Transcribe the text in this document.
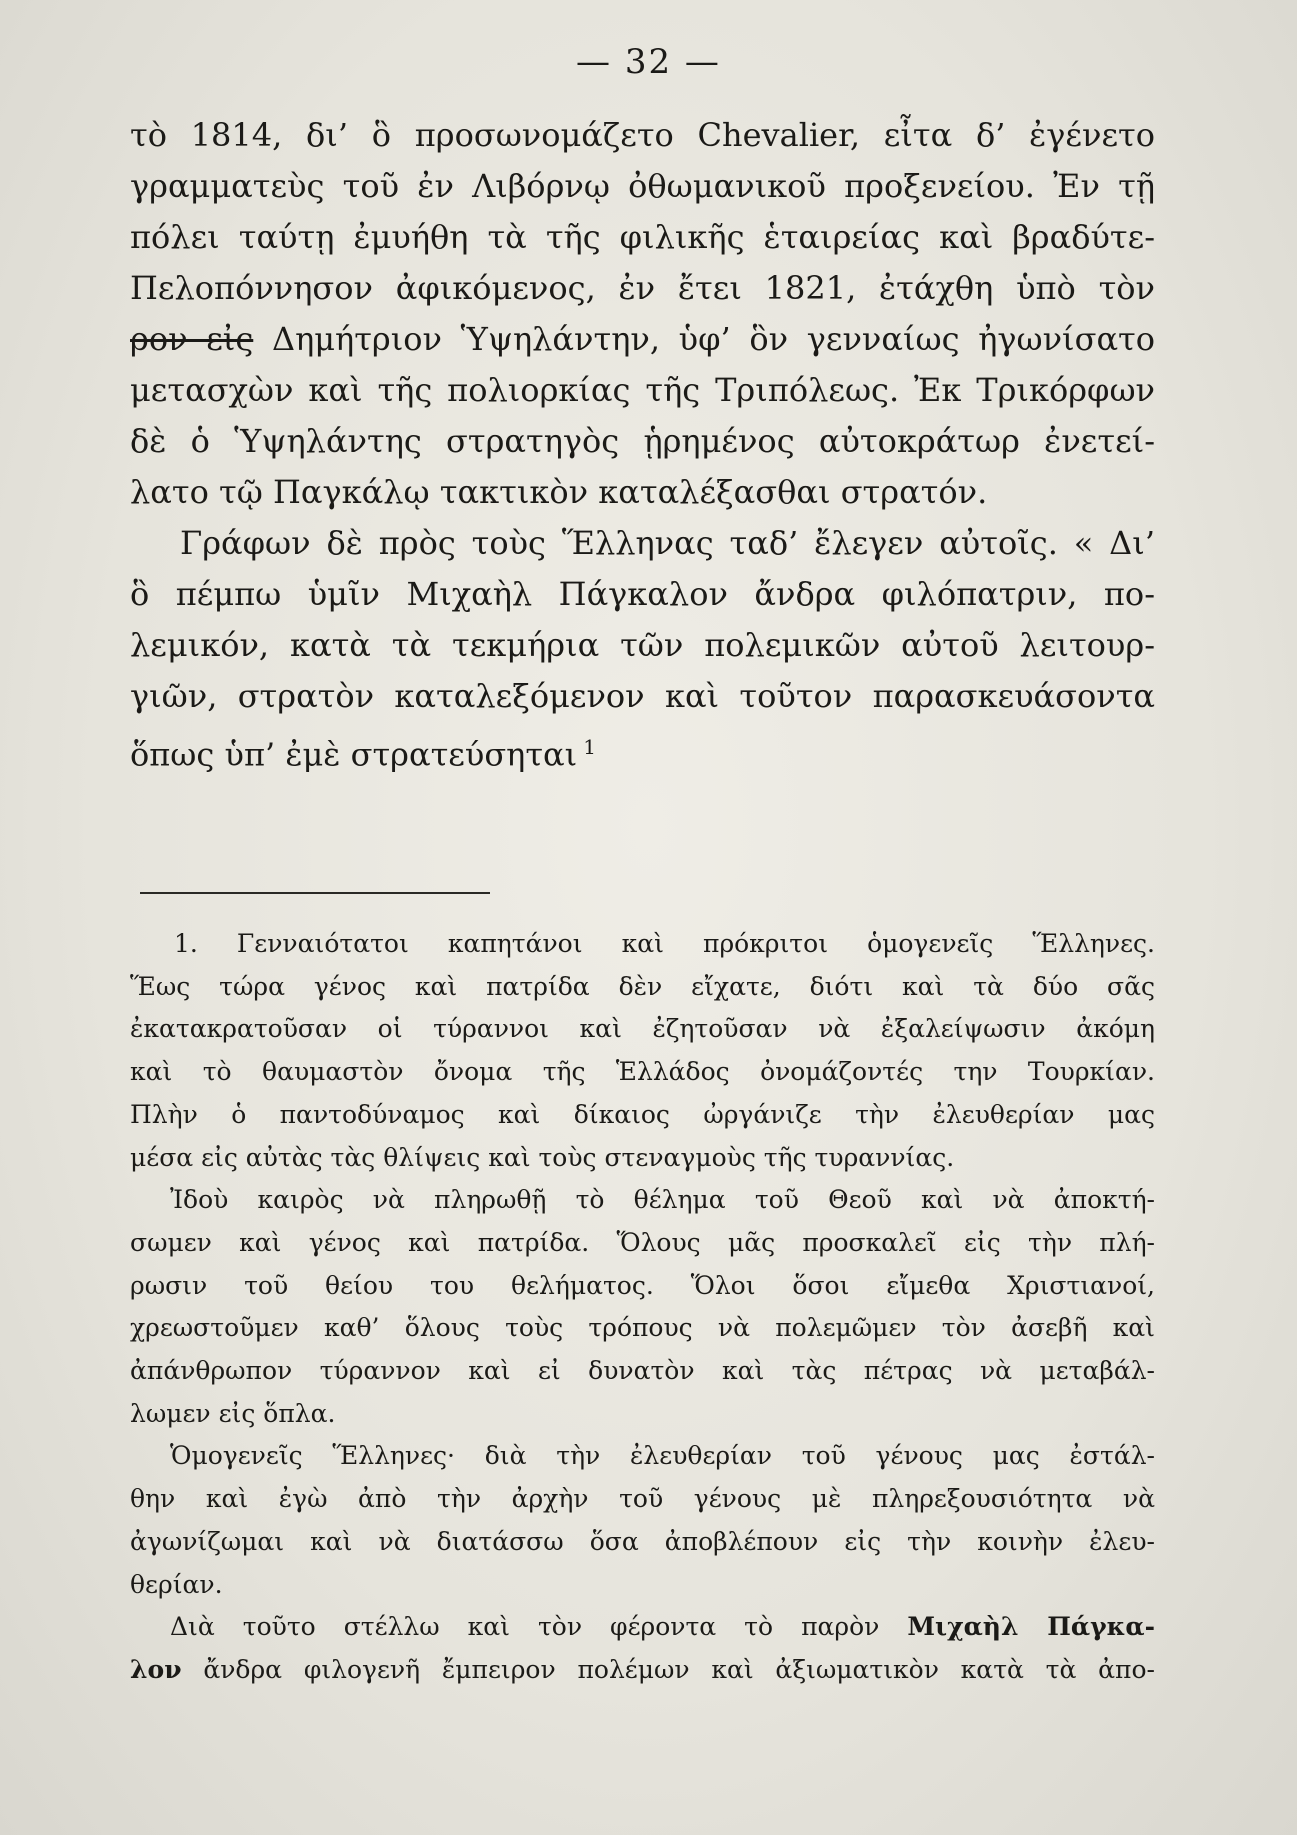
— 32 —

τὸ 1814, δι’ ὃ προσωνομάζετο Chevalier, εἶτα δ’ ἐγένετο

γραμματεὺς τοῦ ἐν Λιβόρνῳ ὀθωμανικοῦ προξενείου. Ἐν τῇ

πόλει ταύτῃ ἐμυήθη τὰ τῆς φιλικῆς ἑταιρείας καὶ βραδύτε-

Πελοπόννησον ἀφικόμενος, ἐν ἔτει 1821, ἐτάχθη ὑπὸ τὸν

ρον εἰς Δημήτριον Ὑψηλάντην, ὑφ’ ὃν γενναίως ἠγωνίσατο

μετασχὼν καὶ τῆς πολιορκίας τῆς Τριπόλεως. Ἐκ Τρικόρφων

δὲ ὁ Ὑψηλάντης στρατηγὸς ᾑρημένος αὐτοκράτωρ ἐνετεί-

λατο τῷ Παγκάλῳ τακτικὸν καταλέξασθαι στρατόν.

Γράφων δὲ πρὸς τοὺς Ἕλληνας ταδ’ ἔλεγεν αὐτοῖς. « Δι’

ὃ πέμπω ὑμῖν Μιχαὴλ Πάγκαλον ἄνδρα φιλόπατριν, πο-

λεμικόν, κατὰ τὰ τεκμήρια τῶν πολεμικῶν αὐτοῦ λειτουρ-

γιῶν, στρατὸν καταλεξόμενον καὶ τοῦτον παρασκευάσοντα

ὅπως ὑπ’ ἐμὲ στρατεύσηται $^1$

1. Γενναιότατοι καπητάνοι καὶ πρόκριτοι ὁμογενεῖς Ἕλληνες.

Ἕως τώρα γένος καὶ πατρίδα δὲν εἴχατε, διότι καὶ τὰ δύο σᾶς

ἐκατακρατοῦσαν οἱ τύραννοι καὶ ἐζητοῦσαν νὰ ἐξαλείψωσιν ἀκόμη

καὶ τὸ θαυμαστὸν ὄνομα τῆς Ἑλλάδος ὀνομάζοντές την Τουρκίαν.

Πλὴν ὁ παντοδύναμος καὶ δίκαιος ὠργάνιζε τὴν ἐλευθερίαν μας

μέσα εἰς αὐτὰς τὰς θλίψεις καὶ τοὺς στεναγμοὺς τῆς τυραννίας.

Ἰδοὺ καιρὸς νὰ πληρωθῇ τὸ θέλημα τοῦ Θεοῦ καὶ νὰ ἀποκτή-

σωμεν καὶ γένος καὶ πατρίδα. Ὅλους μᾶς προσκαλεῖ εἰς τὴν πλή-

ρωσιν τοῦ θείου του θελήματος. Ὅλοι ὅσοι εἴμεθα Χριστιανοί,

χρεωστοῦμεν καθ’ ὅλους τοὺς τρόπους νὰ πολεμῶμεν τὸν ἀσεβῆ καὶ

ἀπάνθρωπον τύραννον καὶ εἰ δυνατὸν καὶ τὰς πέτρας νὰ μεταβάλ-

λωμεν εἰς ὅπλα.

Ὁμογενεῖς Ἕλληνες· διὰ τὴν ἐλευθερίαν τοῦ γένους μας ἐστάλ-

θην καὶ ἐγὼ ἀπὸ τὴν ἀρχὴν τοῦ γένους μὲ πληρεξουσιότητα νὰ

ἀγωνίζωμαι καὶ νὰ διατάσσω ὅσα ἀποβλέπουν εἰς τὴν κοινὴν ἐλευ-

θερίαν.

Διὰ τοῦτο στέλλω καὶ τὸν φέροντα τὸ παρὸν Μιχαὴλ Πάγκα-

λον ἄνδρα φιλογενῆ ἔμπειρον πολέμων καὶ ἀξιωματικὸν κατὰ τὰ ἀπο-
